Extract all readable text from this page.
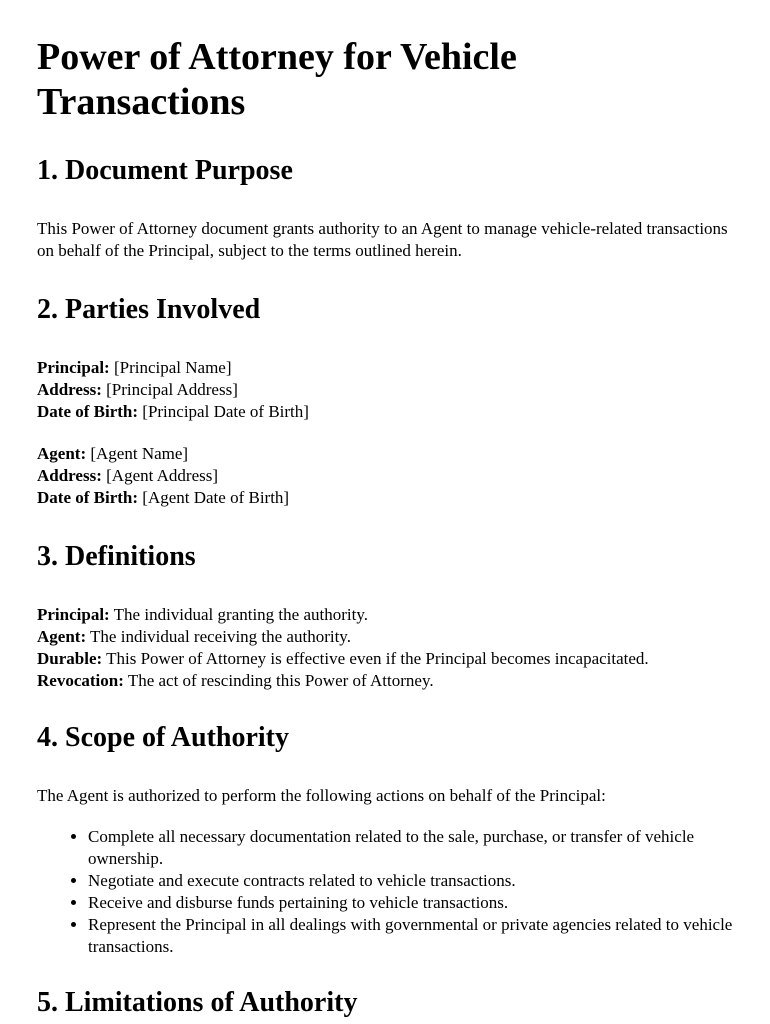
Power of Attorney for Vehicle Transactions
1. Document Purpose

This Power of Attorney document grants authority to an Agent to manage vehicle-related transactions on behalf of the Principal, subject to the terms outlined herein.

2. Parties Involved

Principal: [Principal Name]

Address: [Principal Address]

Date of Birth: [Principal Date of Birth]

Agent: [Agent Name]

Address: [Agent Address]

Date of Birth: [Agent Date of Birth]

3. Definitions

Principal: The individual granting the authority.

Agent: The individual receiving the authority.

Durable: This Power of Attorney is effective even if the Principal becomes incapacitated.

Revocation: The act of rescinding this Power of Attorney.

4. Scope of Authority

The Agent is authorized to perform the following actions on behalf of the Principal:

• Complete all necessary documentation related to the sale, purchase, or transfer of vehicle ownership.
• Negotiate and execute contracts related to vehicle transactions.
• Receive and disburse funds pertaining to vehicle transactions.
• Represent the Principal in all dealings with governmental or private agencies related to vehicle transactions.
5. Limitations of Authority
